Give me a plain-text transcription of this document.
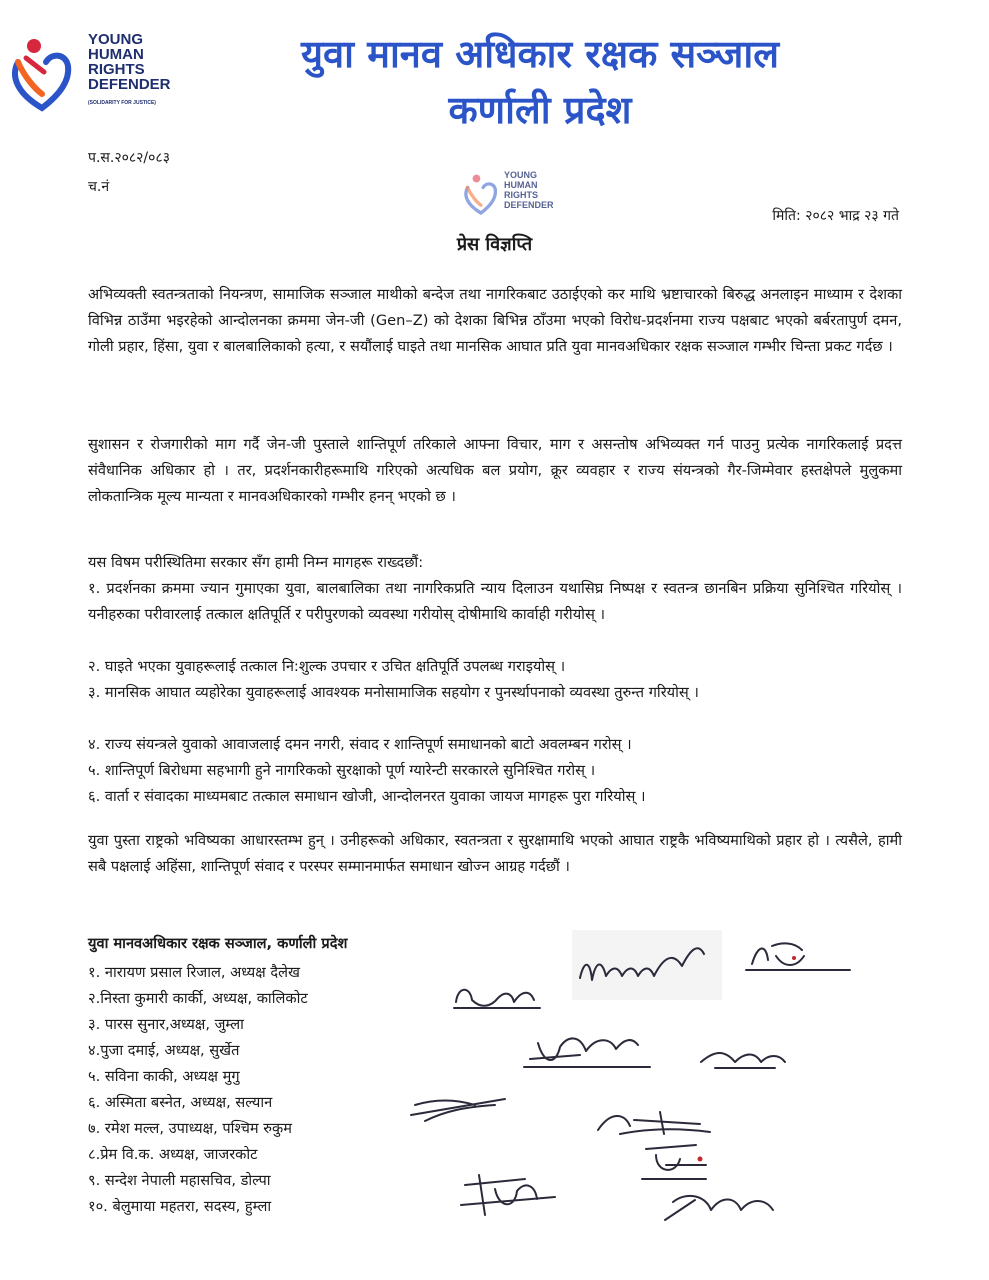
YOUNG
HUMAN
RIGHTS
DEFENDER
(SOLIDARITY FOR JUSTICE)
युवा मानव अधिकार रक्षक सञ्जाल
कर्णाली प्रदेश
प.स.२०८२/०८३
च.नं
YOUNG
HUMAN
RIGHTS
DEFENDER
मिति: २०८२ भाद्र २३ गते
प्रेस विज्ञप्ति
अभिव्यक्ती स्वतन्त्रताको नियन्त्रण, सामाजिक सञ्जाल माथीको बन्देज तथा नागरिकबाट उठाईएको कर माथि भ्रष्टाचारको बिरुद्ध अनलाइन माध्याम र देशका विभिन्न ठाउँमा भइरहेको आन्दोलनका क्रममा जेन-जी (Gen–Z) को देशका बिभिन्न ठाँउमा भएको विरोध-प्रदर्शनमा राज्य पक्षबाट भएको बर्बरतापुर्ण दमन, गोली प्रहार, हिंसा, युवा र बालबालिकाको हत्या, र सयौंलाई घाइते तथा मानसिक आघात प्रति युवा मानवअधिकार रक्षक सञ्जाल गम्भीर चिन्ता प्रकट गर्दछ ।
सुशासन र रोजगारीको माग गर्दै जेन-जी पुस्ताले शान्तिपूर्ण तरिकाले आफ्ना विचार, माग र असन्तोष अभिव्यक्त गर्न पाउनु प्रत्येक नागरिकलाई प्रदत्त संवैधानिक अधिकार हो । तर, प्रदर्शनकारीहरूमाथि गरिएको अत्यधिक बल प्रयोग, क्रूर व्यवहार र राज्य संयन्त्रको गैर-जिम्मेवार हस्तक्षेपले मुलुकमा लोकतान्त्रिक मूल्य मान्यता र मानवअधिकारको गम्भीर हनन् भएको छ ।
यस विषम परीस्थितिमा सरकार सँग हामी निम्न मागहरू राख्दछौं:
१. प्रदर्शनका क्रममा ज्यान गुमाएका युवा, बालबालिका तथा नागरिकप्रति न्याय दिलाउन यथासिघ्र निष्पक्ष र स्वतन्त्र छानबिन प्रक्रिया सुनिश्चित गरियोस् । यनीहरुका परीवारलाई तत्काल क्षतिपूर्ति र परीपुरणको व्यवस्था गरीयोस् दोषीमाथि कार्वाही गरीयोस् ।
२. घाइते भएका युवाहरूलाई तत्काल नि:शुल्क उपचार र उचित क्षतिपूर्ति उपलब्ध गराइयोस् ।
३. मानसिक आघात व्यहोरेका युवाहरूलाई आवश्यक मनोसामाजिक सहयोग र पुनर्स्थापनाको व्यवस्था तुरुन्त गरियोस् ।
४. राज्य संयन्त्रले युवाको आवाजलाई दमन नगरी, संवाद र शान्तिपूर्ण समाधानको बाटो अवलम्बन गरोस् ।
५. शान्तिपूर्ण बिरोधमा सहभागी हुने नागरिकको सुरक्षाको पूर्ण ग्यारेन्टी सरकारले सुनिश्चित गरोस् ।
६. वार्ता र संवादका माध्यमबाट तत्काल समाधान खोजी, आन्दोलनरत युवाका जायज मागहरू पुरा गरियोस् ।
युवा पुस्ता राष्ट्रको भविष्यका आधारस्तम्भ हुन् । उनीहरूको अधिकार, स्वतन्त्रता र सुरक्षामाथि भएको आघात राष्ट्रकै भविष्यमाथिको प्रहार हो । त्यसैले, हामी सबै पक्षलाई अहिंसा, शान्तिपूर्ण संवाद र परस्पर सम्मानमार्फत समाधान खोज्न आग्रह गर्दछौं ।
युवा मानवअधिकार रक्षक सञ्जाल, कर्णाली प्रदेश
१. नारायण प्रसाल रिजाल, अध्यक्ष दैलेख
२.निस्ता कुमारी कार्की, अध्यक्ष, कालिकोट
३. पारस सुनार,अध्यक्ष, जुम्ला
४.पुजा दमाई, अध्यक्ष, सुर्खेत
५. सविना काकी, अध्यक्ष मुगु
६. अस्मिता बस्नेत, अध्यक्ष, सल्यान
७. रमेश मल्ल, उपाध्यक्ष, पश्चिम रुकुम
८.प्रेम वि.क. अध्यक्ष, जाजरकोट
९. सन्देश नेपाली महासचिव, डोल्पा
१०. बेलुमाया महतरा, सदस्य, हुम्ला
